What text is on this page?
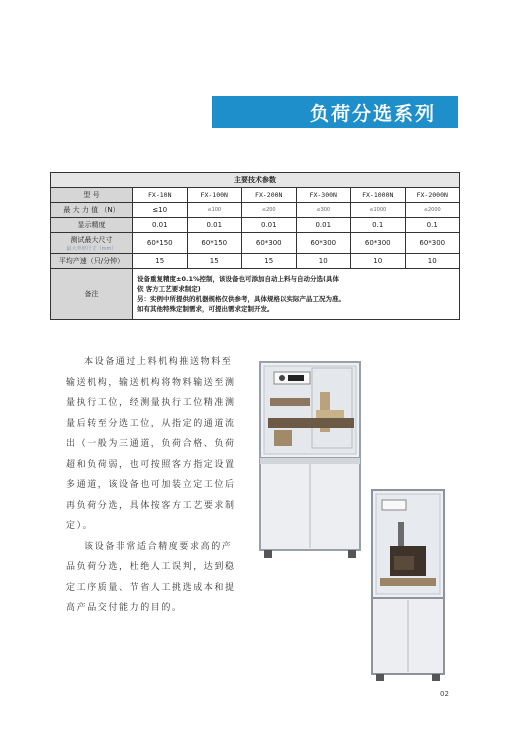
负荷分选系列
主要技术参数						
型 号	FX-10N	FX-100N	FX-200N	FX-300N	FX-1000N	FX-2000N
最 大 力 值 （N）	≤10	≤100	≤200	≤300	≤1000	≤2000
显示精度	0.01	0.01	0.01	0.01	0.1	0.1
测试最大尺寸
最大外形尺寸（mm）	60*150	60*150	60*300	60*300	60*300	60*300
平均产速（只/分钟）	15	15	15	10	10	10
备注	设备重复精度±0.1%控制，该设备也可添加自动上料与自动分选(具体
依 客方工艺要求制定)
另：实例中所提供的机器规格仅供参考，具体规格以实际产品工况为准。
如有其他特殊定制需求，可提出需求定制开发。					

本设备通过上料机构推送物料至输送机构，输送机构将物料输送至测量执行工位，经测量执行工位精准测量后转至分选工位，从指定的通道流出（一般为三通道，负荷合格、负荷超和负荷弱，也可按照客方指定设置多通道，该设备也可加装立定工位后再负荷分选，具体按客方工艺要求制定）。

该设备非常适合精度要求高的产品负荷分选，杜绝人工误判，达到稳定工序质量、节省人工挑选成本和提高产品交付能力的目的。

02
